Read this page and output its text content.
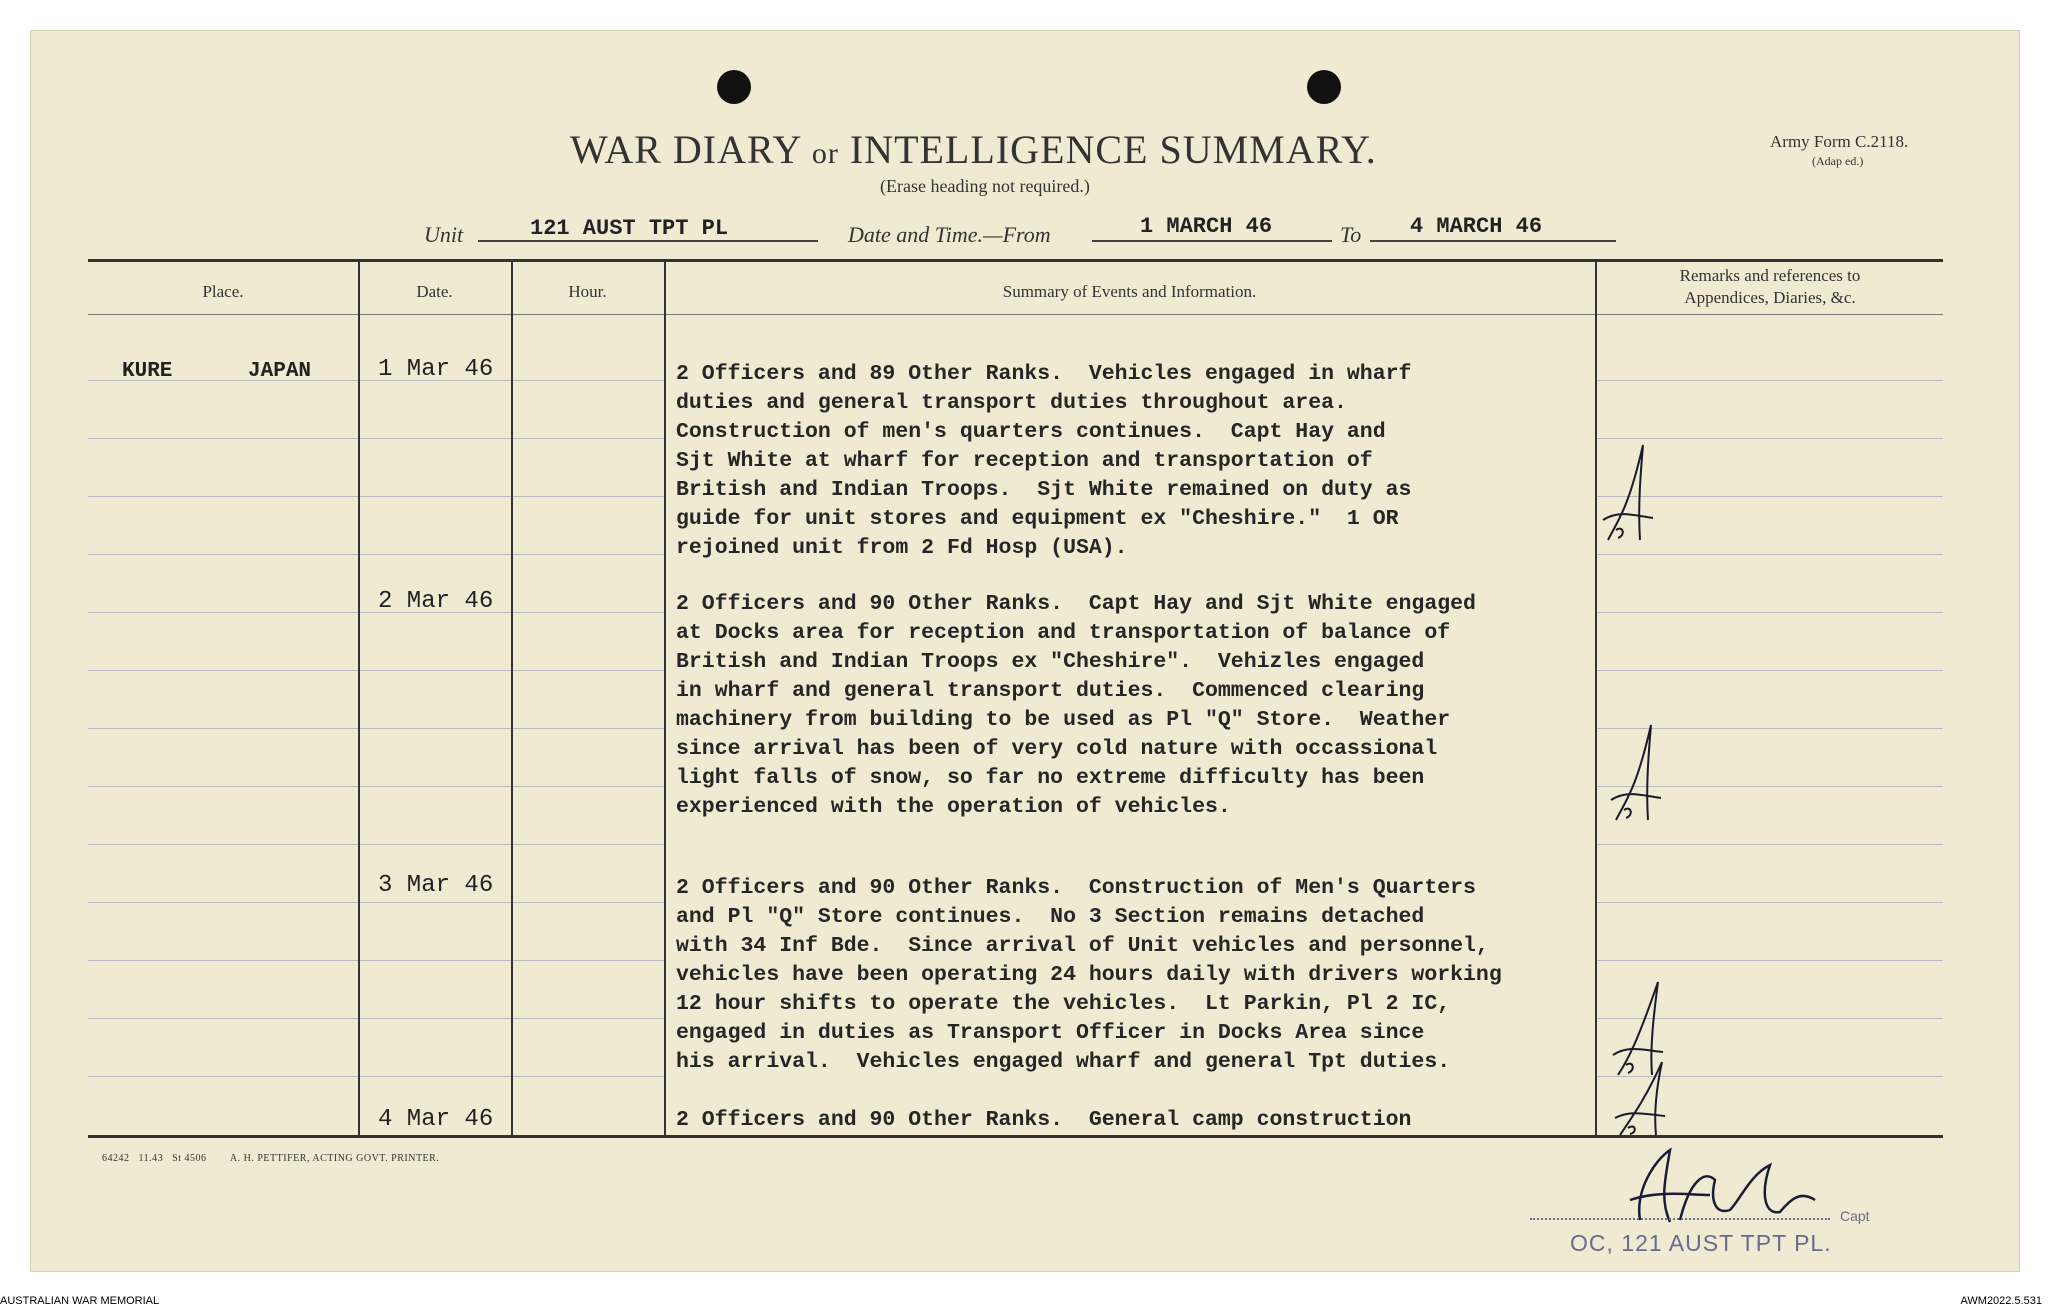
WAR DIARY or INTELLIGENCE SUMMARY.
(Erase heading not required.)
Army Form C.2118.
(Adap ed.)
Unit	121 AUST TPT PL	Date and Time.—From	1 MARCH 46	To 4 MARCH 46
Place.	Date.	Hour.	Summary of Events and Information.
Remarks and references to
Appendices, Diaries, &c.
KURE      JAPAN	1 Mar 46	2 Officers and 89 Other Ranks.  Vehicles engaged in wharf
duties and general transport duties throughout area.
Construction of men's quarters continues.  Capt Hay and
Sjt White at wharf for reception and transportation of
British and Indian Troops.  Sjt White remained on duty as
guide for unit stores and equipment ex "Cheshire."  1 OR
rejoined unit from 2 Fd Hosp (USA).
2 Mar 46	2 Officers and 90 Other Ranks.  Capt Hay and Sjt White engaged
at Docks area for reception and transportation of balance of
British and Indian Troops ex "Cheshire".  Vehizles engaged
in wharf and general transport duties.  Commenced clearing
machinery from building to be used as Pl "Q" Store.  Weather
since arrival has been of very cold nature with occassional
light falls of snow, so far no extreme difficulty has been
experienced with the operation of vehicles.
3 Mar 46	2 Officers and 90 Other Ranks.  Construction of Men's Quarters
and Pl "Q" Store continues.  No 3 Section remains detached
with 34 Inf Bde.  Since arrival of Unit vehicles and personnel,
vehicles have been operating 24 hours daily with drivers working
12 hour shifts to operate the vehicles.  Lt Parkin, Pl 2 IC,
engaged in duties as Transport Officer in Docks Area since
his arrival.  Vehicles engaged wharf and general Tpt duties.
4 Mar 46	2 Officers and 90 Other Ranks.  General camp construction
Capt
OC, 121 AUST TPT PL.
64242   11.43   St 4506        A. H. PETTIFER, ACTING GOVT. PRINTER.
AUSTRALIAN WAR MEMORIAL	AWM2022.5.531
